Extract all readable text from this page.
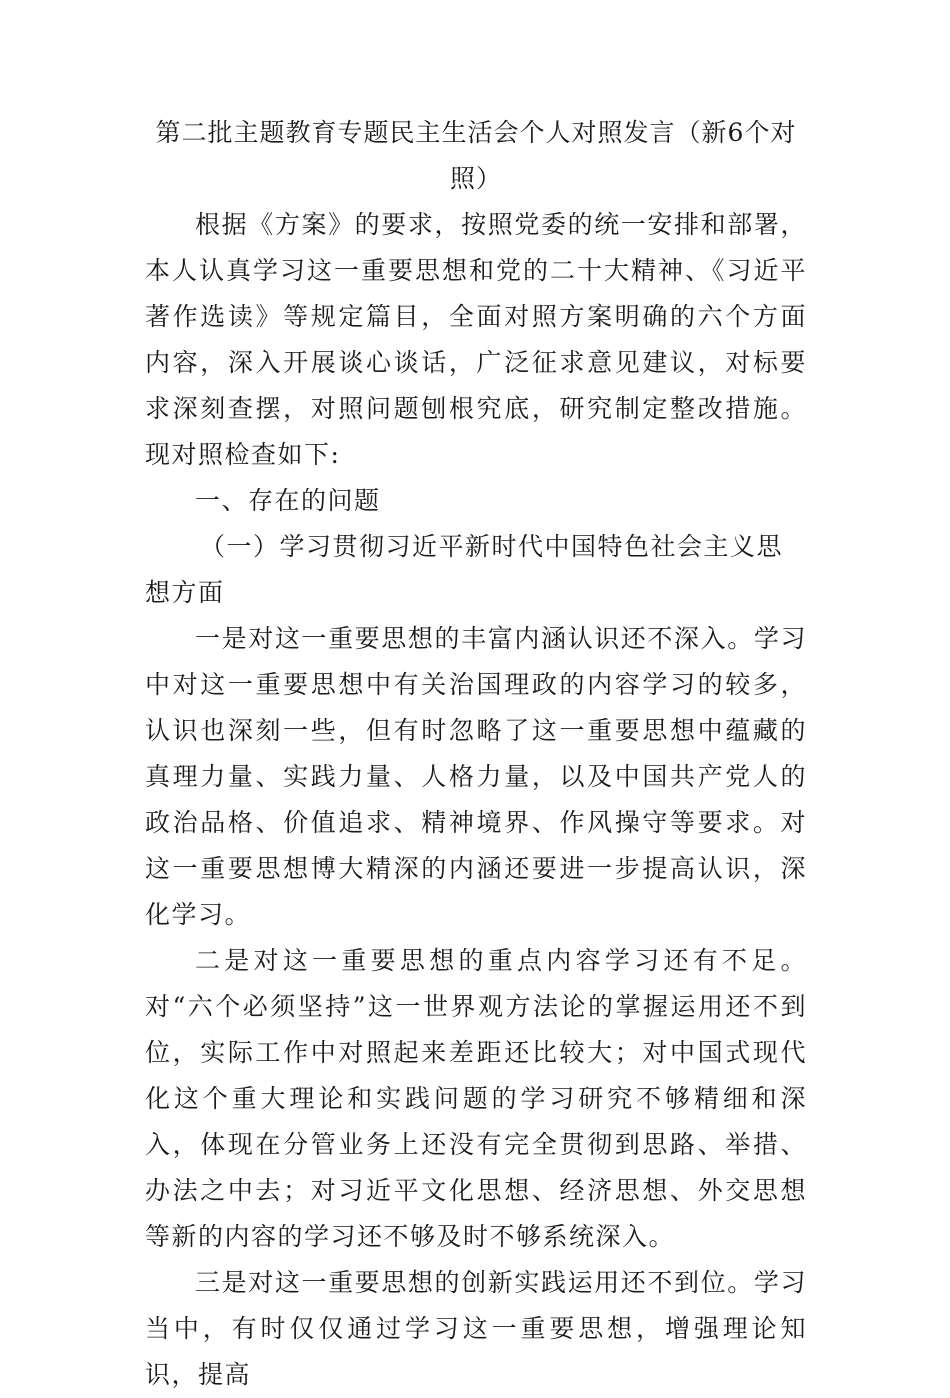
第二批主题教育专题民主生活会个人对照发言（新6个对照）

根据《方案》的要求，按照党委的统一安排和部署，本人认真学习这一重要思想和党的二十大精神、《习近平著作选读》等规定篇目，全面对照方案明确的六个方面内容，深入开展谈心谈话，广泛征求意见建议，对标要求深刻查摆，对照问题刨根究底，研究制定整改措施。现对照检查如下:

一、存在的问题

（一）学习贯彻习近平新时代中国特色社会主义思想方面

一是对这一重要思想的丰富内涵认识还不深入。学习中对这一重要思想中有关治国理政的内容学习的较多，认识也深刻一些，但有时忽略了这一重要思想中蕴藏的真理力量、实践力量、人格力量，以及中国共产党人的政治品格、价值追求、精神境界、作风操守等要求。对这一重要思想博大精深的内涵还要进一步提高认识，深化学习。

二是对这一重要思想的重点内容学习还有不足。对“六个必须坚持”这一世界观方法论的掌握运用还不到位，实际工作中对照起来差距还比较大；对中国式现代化这个重大理论和实践问题的学习研究不够精细和深入，体现在分管业务上还没有完全贯彻到思路、举措、办法之中去；对习近平文化思想、经济思想、外交思想等新的内容的学习还不够及时不够系统深入。

三是对这一重要思想的创新实践运用还不到位。学习当中，有时仅仅通过学习这一重要思想，增强理论知识，提高
